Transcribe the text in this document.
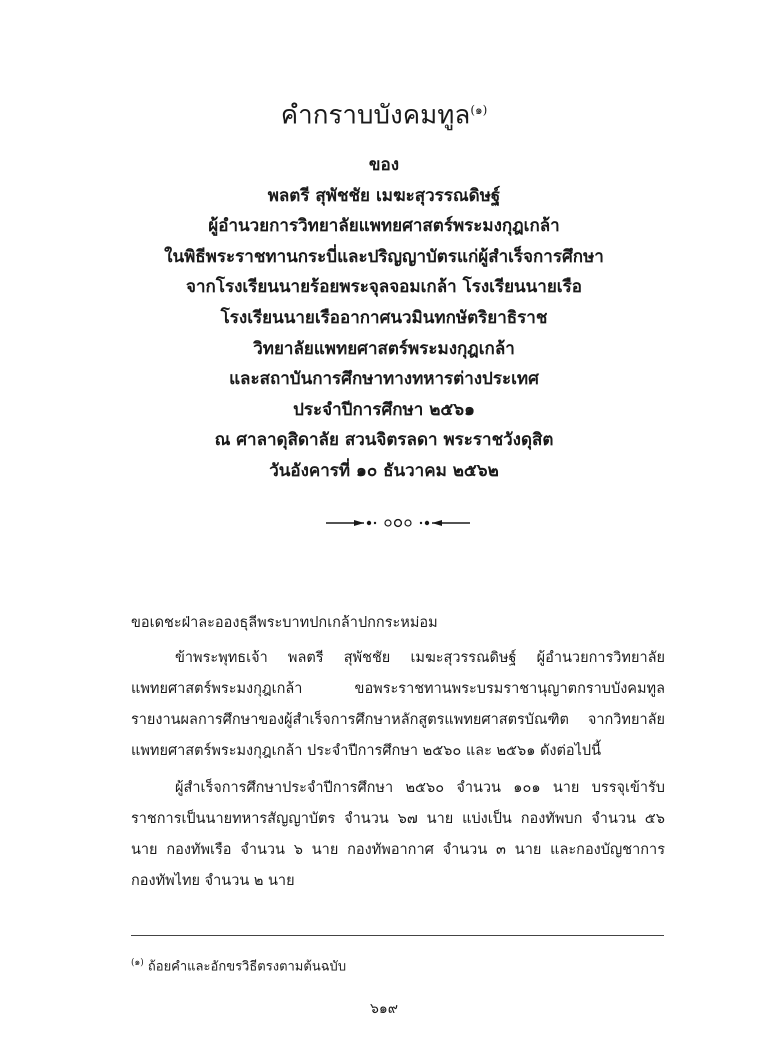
คำกราบบังคมทูล$^{(๑)}$
ของ
พลตรี สุพัชชัย เมฆะสุวรรณดิษฐ์
ผู้อำนวยการวิทยาลัยแพทยศาสตร์พระมงกุฎเกล้า
ในพิธีพระราชทานกระบี่และปริญญาบัตรแก่ผู้สำเร็จการศึกษา
จากโรงเรียนนายร้อยพระจุลจอมเกล้า โรงเรียนนายเรือ
โรงเรียนนายเรืออากาศนวมินทกษัตริยาธิราช
วิทยาลัยแพทยศาสตร์พระมงกุฎเกล้า
และสถาบันการศึกษาทางทหารต่างประเทศ
ประจำปีการศึกษา ๒๕๖๑
ณ ศาลาดุสิดาลัย สวนจิตรลดา พระราชวังดุสิต
วันอังคารที่ ๑๐ ธันวาคม ๒๕๖๒

ขอเดชะฝ่าละอองธุลีพระบาทปกเกล้าปกกระหม่อม

ข้าพระพุทธเจ้า พลตรี สุพัชชัย เมฆะสุวรรณดิษฐ์ ผู้อำนวยการวิทยาลัยแพทยศาสตร์พระมงกุฎเกล้า ขอพระราชทานพระบรมราชานุญาตกราบบังคมทูลรายงานผลการศึกษาของผู้สำเร็จการศึกษาหลักสูตรแพทยศาสตรบัณฑิต จากวิทยาลัยแพทยศาสตร์พระมงกุฎเกล้า ประจำปีการศึกษา ๒๕๖๐ และ ๒๕๖๑ ดังต่อไปนี้

ผู้สำเร็จการศึกษาประจำปีการศึกษา ๒๕๖๐ จำนวน ๑๐๑ นาย บรรจุเข้ารับราชการเป็นนายทหารสัญญาบัตร จำนวน ๖๗ นาย แบ่งเป็น กองทัพบก จำนวน ๕๖ นาย กองทัพเรือ จำนวน ๖ นาย กองทัพอากาศ จำนวน ๓ นาย และกองบัญชาการกองทัพไทย จำนวน ๒ นาย

$^{(๑)}$ ถ้อยคำและอักขรวิธีตรงตามต้นฉบับ
๖๑๙
